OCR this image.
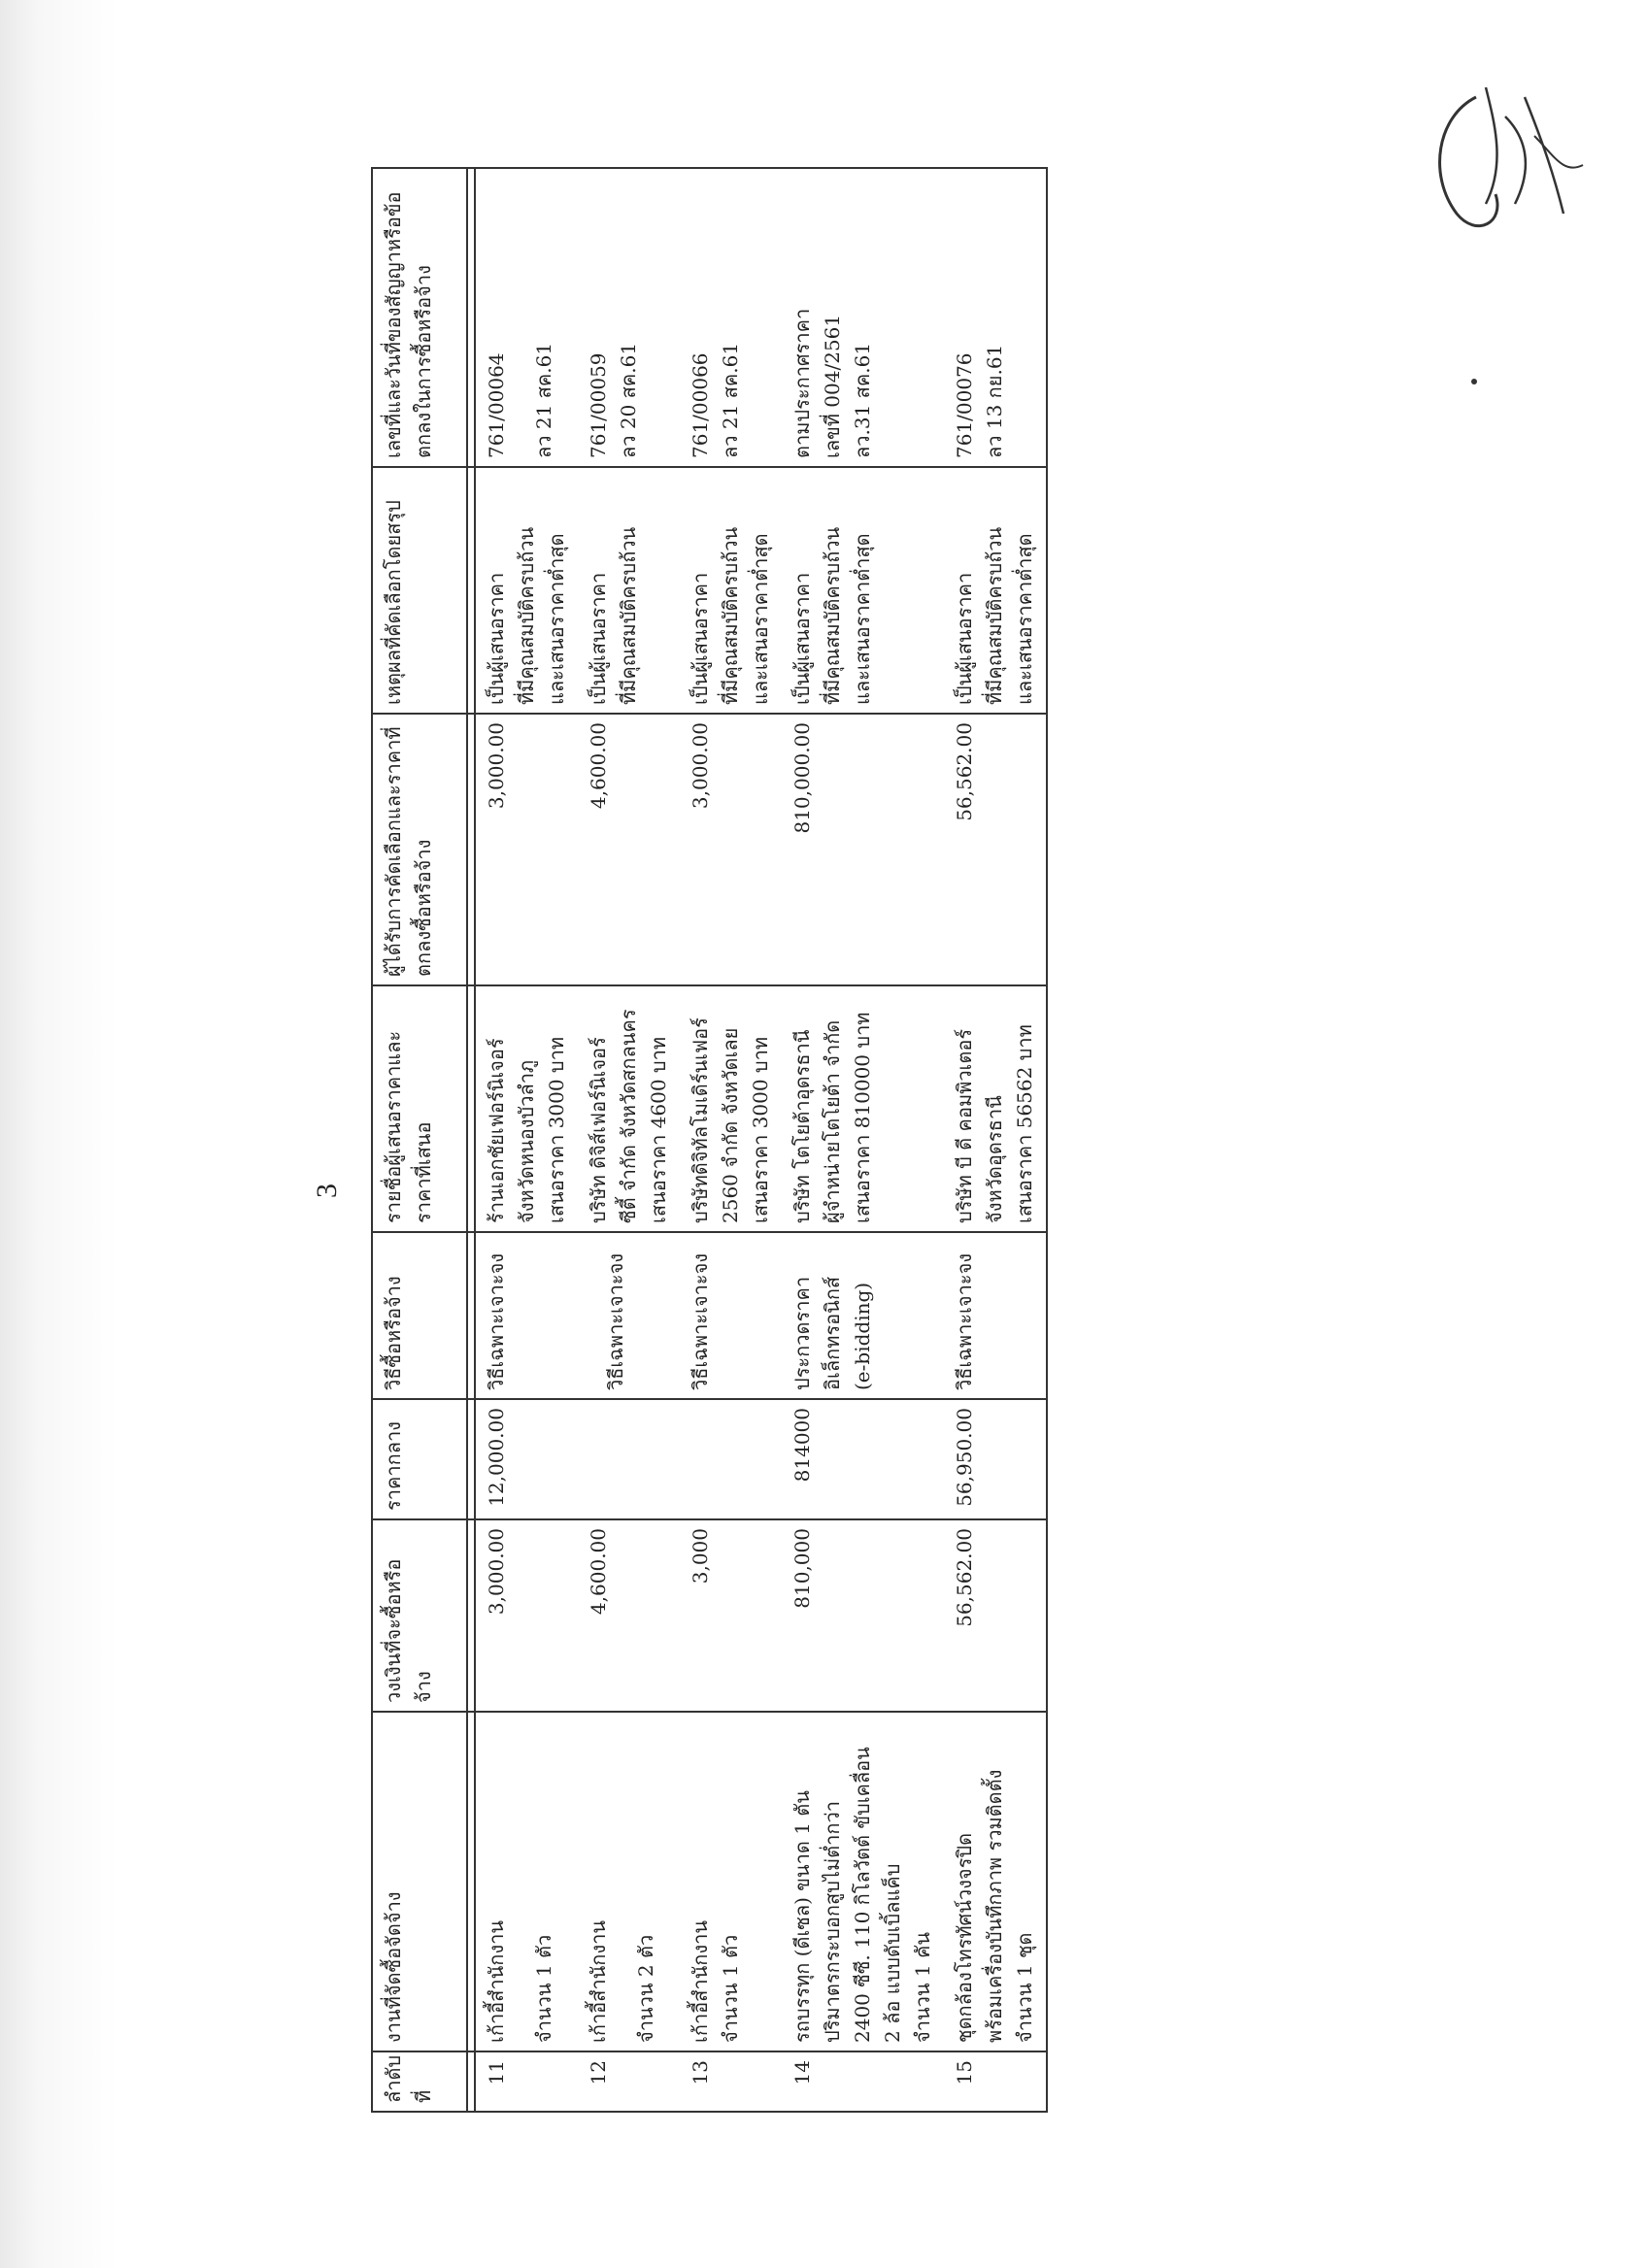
3
ลำดับที่	งานที่จัดซื้อจัดจ้าง	วงเงินที่จะซื้อหรือจ้าง	ราคากลาง	วิธีซื้อหรือจ้าง	รายชื่อผู้เสนอราคาและราคาที่เสนอ	ผู้ได้รับการคัดเลือกและราคาที่ตกลงซื้อหรือจ้าง	เหตุผลที่คัดเลือกโดยสรุป	เลขที่และวันที่ของสัญญาหรือข้อตกลงในการซื้อหรือจ้าง

11	เก้าอี้สำนักงาน จำนวน 1 ตัว	3,000.00	12,000.00	วิธีเฉพาะเจาะจง	ร้านเอกชัยเฟอร์นิเจอร์ จังหวัดหนองบัวลำภู เสนอราคา 3000 บาท	3,000.00	เป็นผู้เสนอราคา ที่มีคุณสมบัติครบถ้วน และเสนอราคาต่ำสุด	761/00064 ลว 21 สค.61

12	เก้าอี้สำนักงาน จำนวน 2 ตัว	4,600.00		วิธีเฉพาะเจาะจง	บริษัท ดิจิส์เฟอร์นิเจอร์ ซีตี้ จำกัด จังหวัดสกลนคร เสนอราคา 4600 บาท	4,600.00	เป็นผู้เสนอราคา ที่มีคุณสมบัติครบถ้วน	761/00059 ลว 20 สค.61

13	เก้าอี้สำนักงาน จำนวน 1 ตัว	3,000		วิธีเฉพาะเจาะจง	บริษัทดิจิทัลโมเดิร์นเฟอร์ 2560 จำกัด จังหวัดเลย เสนอราคา 3000 บาท	3,000.00	เป็นผู้เสนอราคา ที่มีคุณสมบัติครบถ้วน และเสนอราคาต่ำสุด	761/00066 ลว 21 สค.61

14	รถบรรทุก (ดีเซล) ขนาด 1 ตัน ปริมาตรกระบอกสูบไม่ต่ำกว่า 2400 ซีซี. 110 กิโลวัตต์ ขับเคลื่อน 2 ล้อ แบบดับเบิ้ลแค็บ จำนวน 1 คัน	810,000	814000	ประกวดราคา อิเล็กทรอนิกส์ (e-bidding)	บริษัท โตโยต้าอุดรธานี ผู้จำหน่ายโตโยต้า จำกัด เสนอราคา 810000 บาท	810,000.00	เป็นผู้เสนอราคา ที่มีคุณสมบัติครบถ้วน และเสนอราคาต่ำสุด	ตามประกาศราคา เลขที่ 004/2561 ลว.31 สค.61

15	ชุดกล้องโทรทัศน์วงจรปิด พร้อมเครื่องบันทึกภาพ รวมติดตั้ง จำนวน 1 ชุด	56,562.00	56,950.00	วิธีเฉพาะเจาะจง	บริษัท บี ดี คอมพิวเตอร์ จังหวัดอุดรธานี เสนอราคา 56562 บาท	56,562.00	เป็นผู้เสนอราคา ที่มีคุณสมบัติครบถ้วน และเสนอราคาต่ำสุด	761/00076 ลว 13 กย.61
